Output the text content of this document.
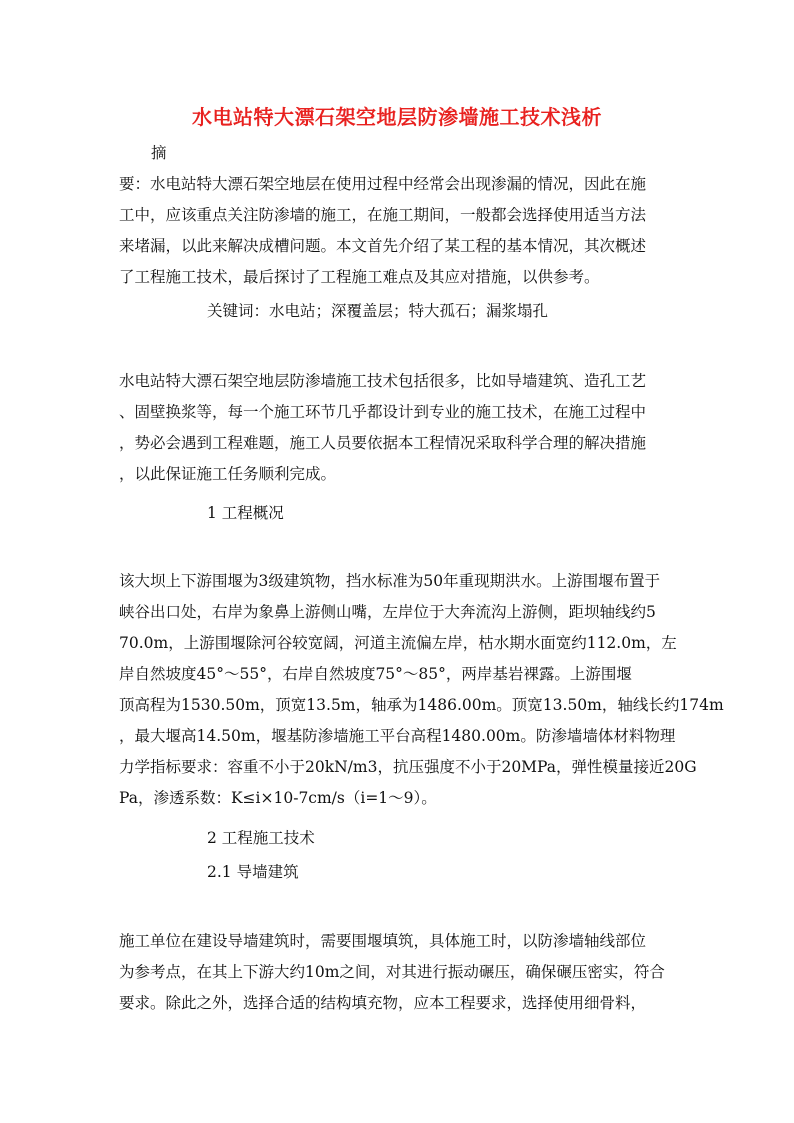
水电站特大漂石架空地层防渗墙施工技术浅析
摘
要：水电站特大漂石架空地层在使用过程中经常会出现渗漏的情况，因此在施
工中，应该重点关注防渗墙的施工，在施工期间，一般都会选择使用适当方法
来堵漏，以此来解决成槽问题。本文首先介绍了某工程的基本情况，其次概述
了工程施工技术，最后探讨了工程施工难点及其应对措施，以供参考。
关键词：水电站；深覆盖层；特大孤石；漏浆塌孔
水电站特大漂石架空地层防渗墙施工技术包括很多，比如导墙建筑、造孔工艺
、固壁换浆等，每一个施工环节几乎都设计到专业的施工技术，在施工过程中
，势必会遇到工程难题，施工人员要依据本工程情况采取科学合理的解决措施
，以此保证施工任务顺利完成。
1 工程概况
该大坝上下游围堰为3级建筑物，挡水标准为50年重现期洪水。上游围堰布置于
峡谷出口处，右岸为象鼻上游侧山嘴，左岸位于大奔流沟上游侧，距坝轴线约5
70.0m，上游围堰除河谷较宽阔，河道主流偏左岸，枯水期水面宽约112.0m，左
岸自然坡度45°～55°，右岸自然坡度75°～85°，两岸基岩裸露。上游围堰
顶高程为1530.50m，顶宽13.5m，轴承为1486.00m。顶宽13.50m，轴线长约174m
，最大堰高14.50m，堰基防渗墙施工平台高程1480.00m。防渗墙墙体材料物理
力学指标要求：容重不小于20kN/m3，抗压强度不小于20MPa，弹性模量接近20G
Pa，渗透系数：K≤i×10-7cm/s（i=1～9）。
2 工程施工技术
2.1 导墙建筑
施工单位在建设导墙建筑时，需要围堰填筑，具体施工时，以防渗墙轴线部位
为参考点，在其上下游大约10m之间，对其进行振动碾压，确保碾压密实，符合
要求。除此之外，选择合适的结构填充物，应本工程要求，选择使用细骨料，
